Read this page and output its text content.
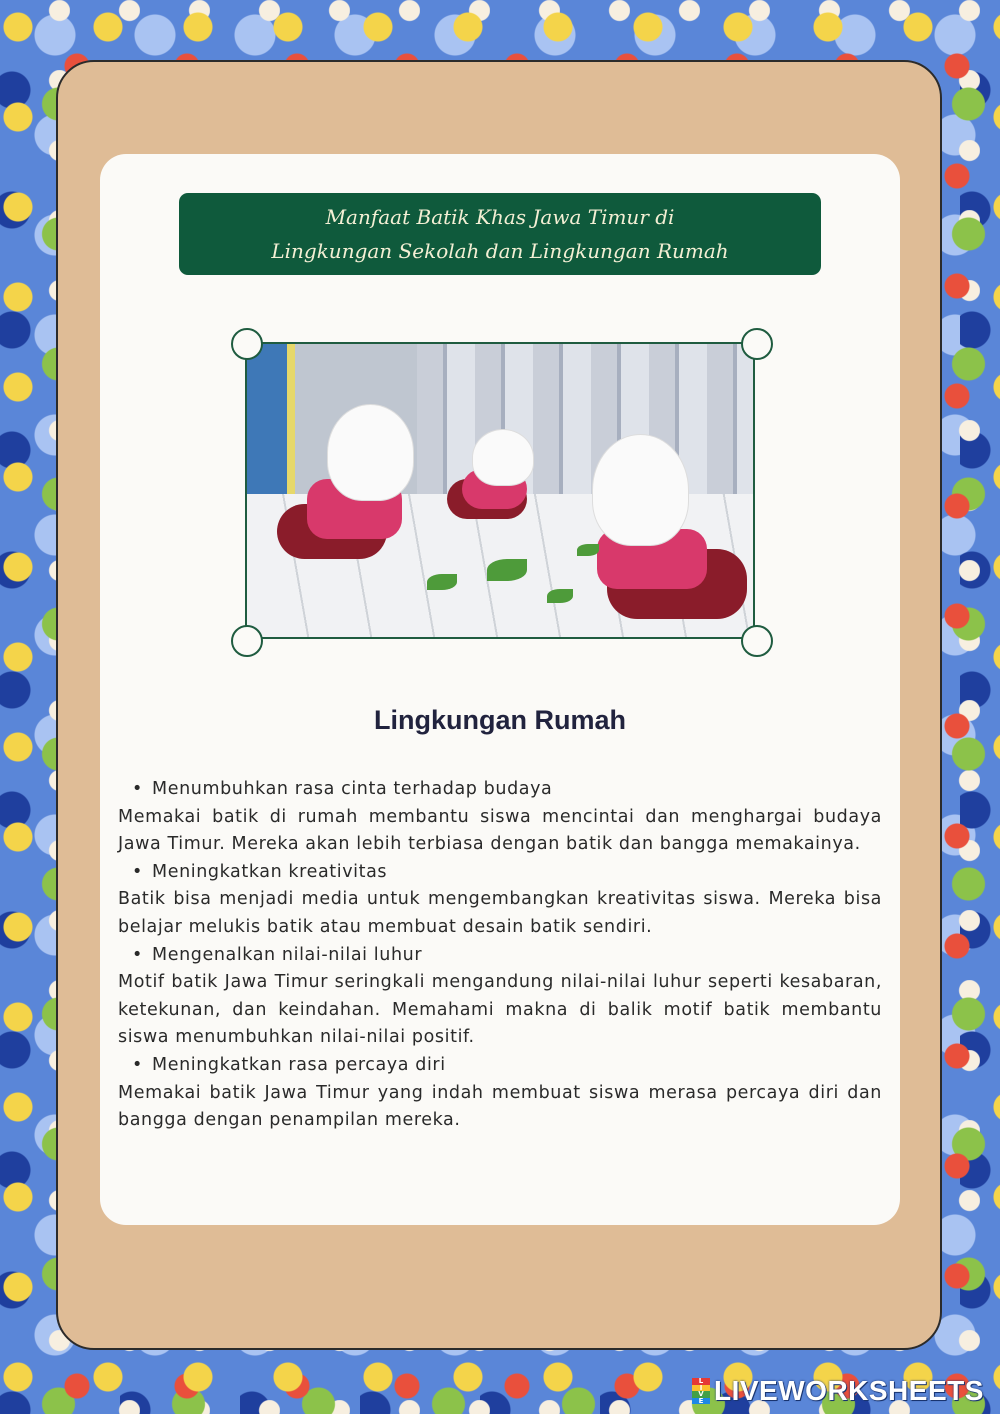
Manfaat Batik Khas Jawa Timur di
Lingkungan Sekolah dan Lingkungan Rumah
Lingkungan Rumah

• Menumbuhkan rasa cinta terhadap budaya

Memakai batik di rumah membantu siswa mencintai dan menghargai budaya Jawa Timur. Mereka akan lebih terbiasa dengan batik dan bangga memakainya.

• Meningkatkan kreativitas

Batik bisa menjadi media untuk mengembangkan kreativitas siswa. Mereka bisa belajar melukis batik atau membuat desain batik sendiri.

• Mengenalkan nilai-nilai luhur

Motif batik Jawa Timur seringkali mengandung nilai-nilai luhur seperti kesabaran, ketekunan, dan keindahan. Memahami makna di balik motif batik membantu siswa menumbuhkan nilai-nilai positif.

• Meningkatkan rasa percaya diri

Memakai batik Jawa Timur yang indah membuat siswa merasa percaya diri dan bangga dengan penampilan mereka.

L
I
V
E LIVEWORKSHEETS
